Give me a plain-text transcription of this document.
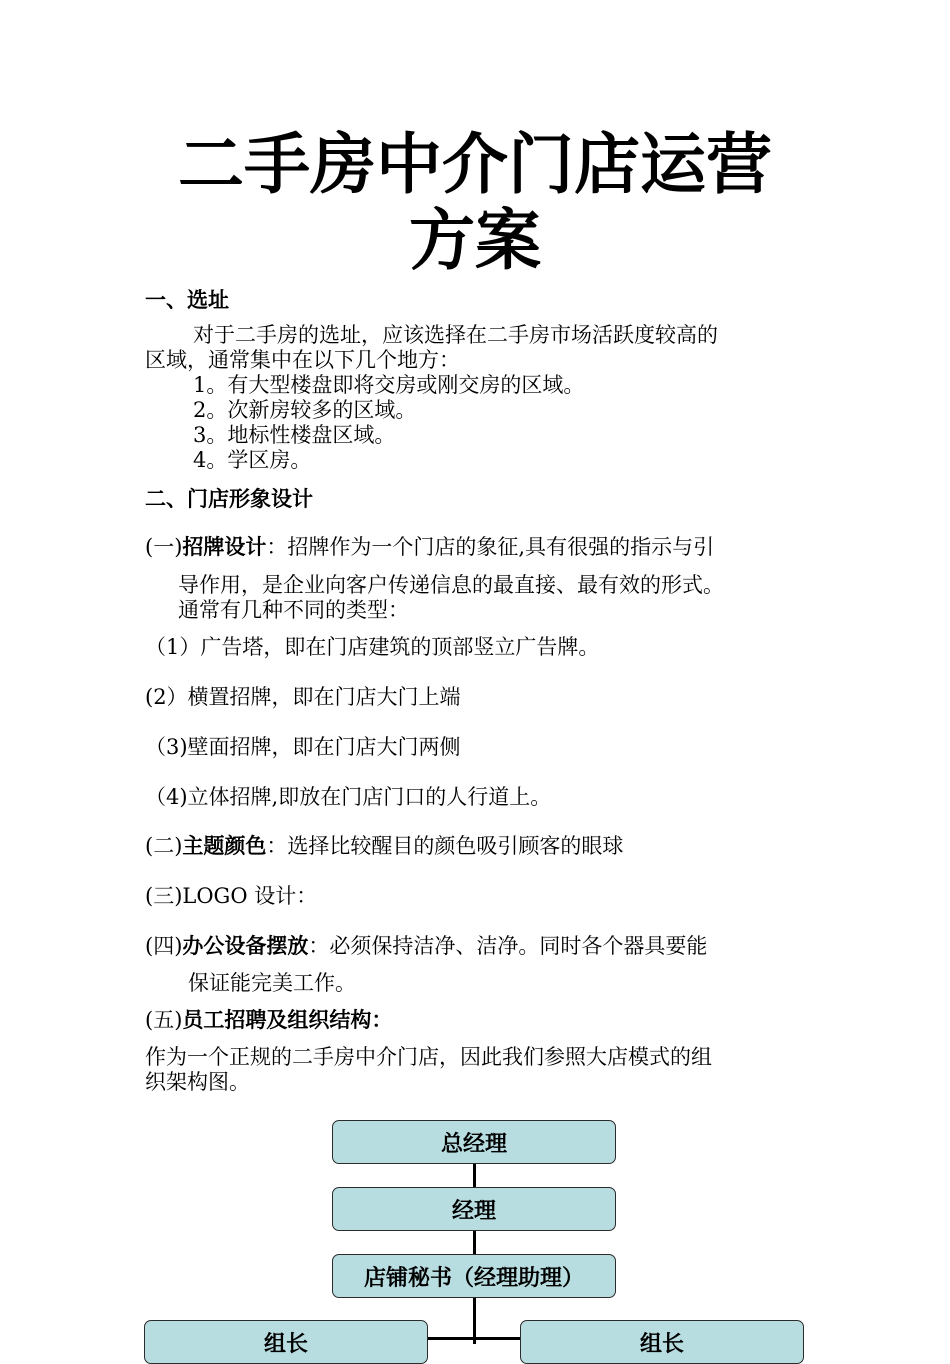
二手房中介门店运营
方案
一、选址

对于二手房的选址，应该选择在二手房市场活跃度较高的

区域，通常集中在以下几个地方：

1。有大型楼盘即将交房或刚交房的区域。

2。次新房较多的区域。

3。地标性楼盘区域。

4。学区房。

二、门店形象设计

(一)招牌设计：招牌作为一个门店的象征,具有很强的指示与引

导作用，是企业向客户传递信息的最直接、最有效的形式。

通常有几种不同的类型：

（1）广告塔，即在门店建筑的顶部竖立广告牌。

(2）横置招牌，即在门店大门上端

（3)壁面招牌，即在门店大门两侧

（4)立体招牌,即放在门店门口的人行道上。

(二)主题颜色：选择比较醒目的颜色吸引顾客的眼球

(三)LOGO 设计：

(四)办公设备摆放：必须保持洁净、洁净。同时各个器具要能

保证能完美工作。

(五)员工招聘及组织结构：

作为一个正规的二手房中介门店，因此我们参照大店模式的组

织架构图。

总经理
经理
店铺秘书（经理助理）
组长	组长
